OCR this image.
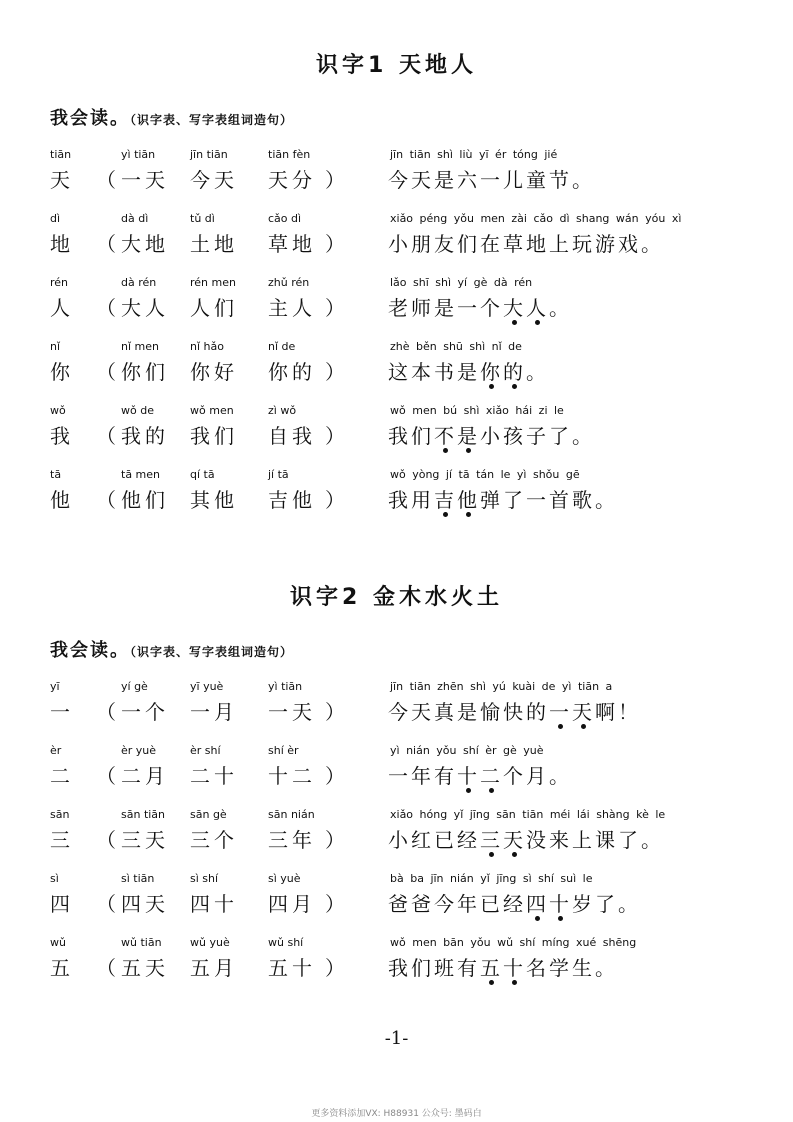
识字1 天地人
我会读。（识字表、写字表组词造句）
tiān
天 （
yì tiān
一天
jīn tiān
今天
tiān fèn
天分 ）
jīn tiān shì liù yī ér tóng jié
今天是六一儿童节。
dì
地 （
dà dì
大地
tǔ dì
土地
cǎo dì
草地 ）
xiǎo péng yǒu men zài cǎo dì shang wán yóu xì
小朋友们在草地上玩游戏。
rén
人 （
dà rén
大人
rén men
人们
zhǔ rén
主人 ）
lǎo shī shì yí gè dà rén
老师是一个大人。
nǐ
你 （
nǐ men
你们
nǐ hǎo
你好
nǐ de
你的 ）
zhè běn shū shì nǐ de
这本书是你的。
wǒ
我 （
wǒ de
我的
wǒ men
我们
zì wǒ
自我 ）
wǒ men bú shì xiǎo hái zi le
我们不是小孩子了。
tā
他 （
tā men
他们
qí tā
其他
jí tā
吉他 ）
wǒ yòng jí tā tán le yì shǒu gē
我用吉他弹了一首歌。
识字2 金木水火土
我会读。（识字表、写字表组词造句）
yī
一 （
yí gè
一个
yī yuè
一月
yì tiān
一天 ）
jīn tiān zhēn shì yú kuài de yì tiān a
今天真是愉快的一天啊！
èr
二 （
èr yuè
二月
èr shí
二十
shí èr
十二 ）
yì nián yǒu shí èr gè yuè
一年有十二个月。
sān
三 （
sān tiān
三天
sān gè
三个
sān nián
三年 ）
xiǎo hóng yǐ jīng sān tiān méi lái shàng kè le
小红已经三天没来上课了。
sì
四 （
sì tiān
四天
sì shí
四十
sì yuè
四月 ）
bà ba jīn nián yǐ jīng sì shí suì le
爸爸今年已经四十岁了。
wǔ
五 （
wǔ tiān
五天
wǔ yuè
五月
wǔ shí
五十 ）
wǒ men bān yǒu wǔ shí míng xué shēng
我们班有五十名学生。
-1-
更多资料添加VX: H88931 公众号: 墨码白
